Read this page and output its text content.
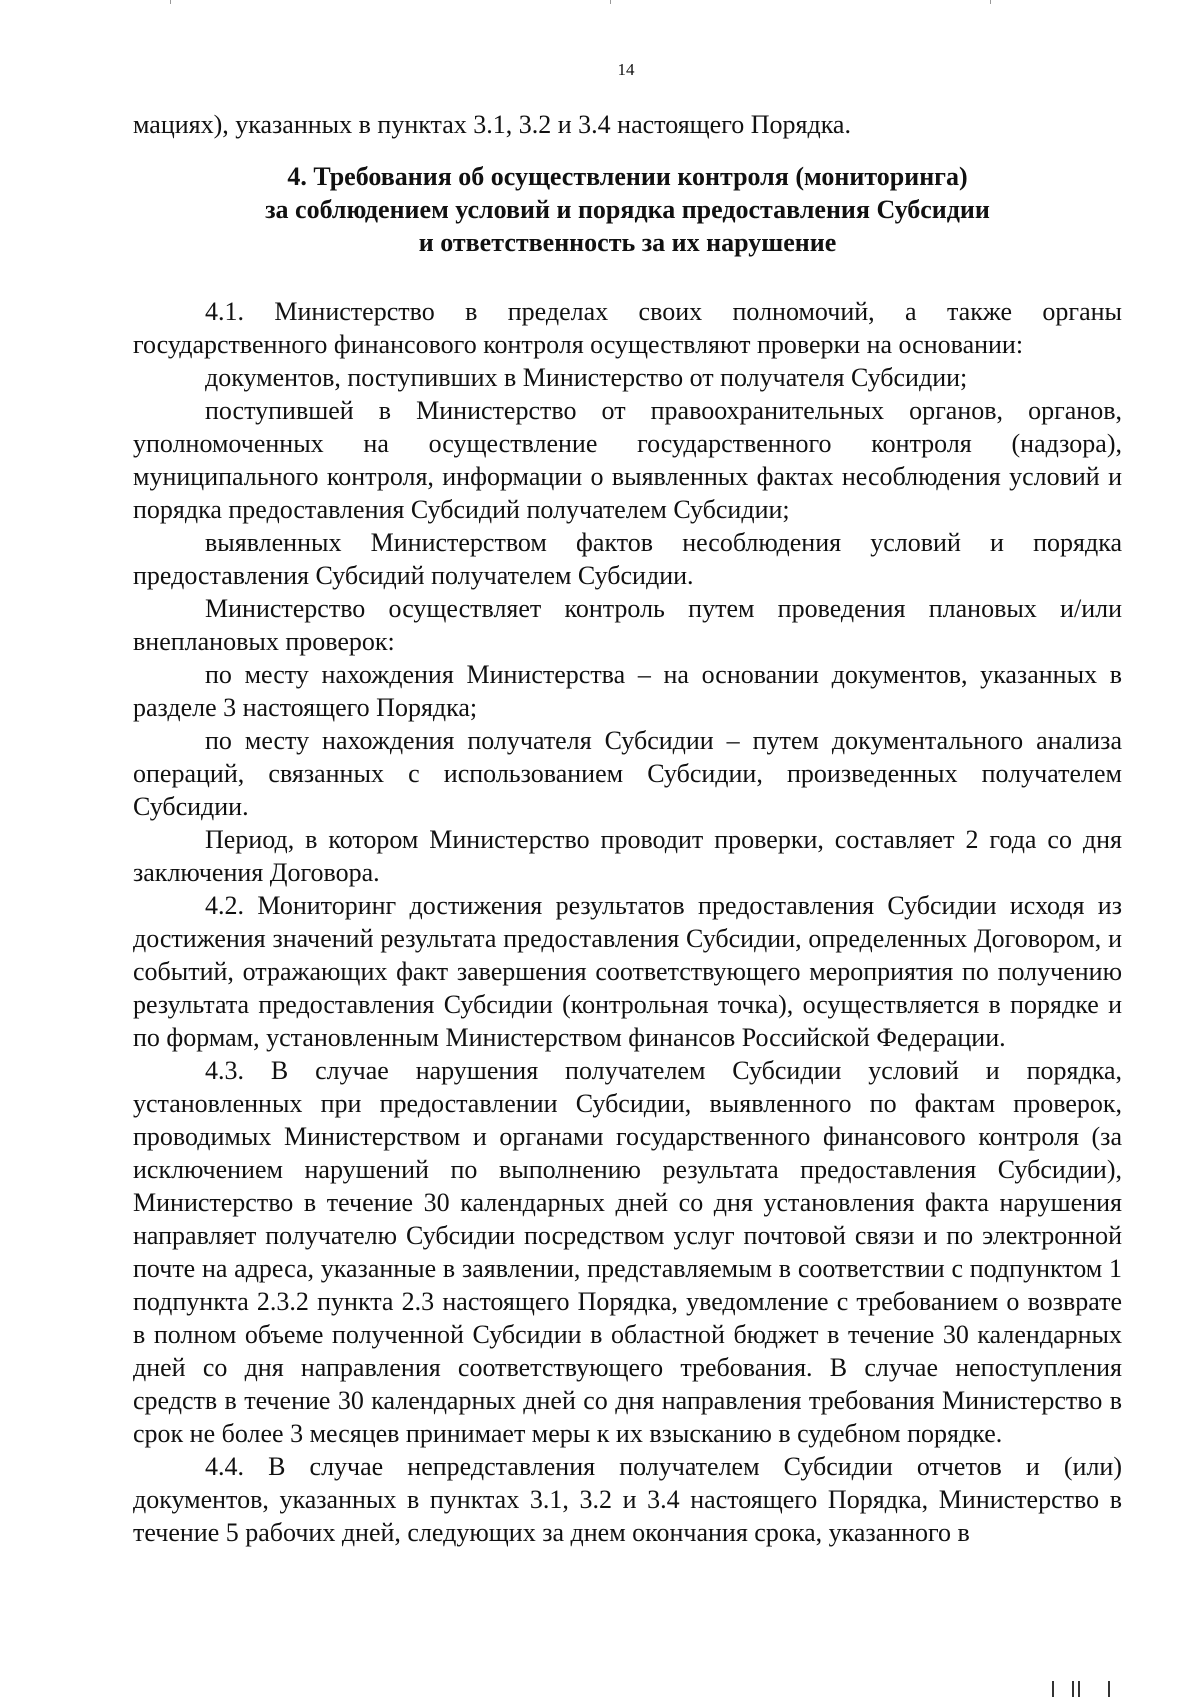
14
мациях), указанных в пунктах 3.1, 3.2 и 3.4 настоящего Порядка.
4. Требования об осуществлении контроля (мониторинга)
за соблюдением условий и порядка предоставления Субсидии
и ответственность за их нарушение

4.1. Министерство в пределах своих полномочий, а также органы государственного финансового контроля осуществляют проверки на основании:

документов, поступивших в Министерство от получателя Субсидии;

поступившей в Министерство от правоохранительных органов, органов, уполномоченных на осуществление государственного контроля (надзора), муниципального контроля, информации о выявленных фактах несоблюдения условий и порядка предоставления Субсидий получателем Субсидии;

выявленных Министерством фактов несоблюдения условий и порядка предоставления Субсидий получателем Субсидии.

Министерство осуществляет контроль путем проведения плановых и/или внеплановых проверок:

по месту нахождения Министерства – на основании документов, указанных в разделе 3 настоящего Порядка;

по месту нахождения получателя Субсидии – путем документального анализа операций, связанных с использованием Субсидии, произведенных получателем Субсидии.

Период, в котором Министерство проводит проверки, составляет 2 года со дня заключения Договора.

4.2. Мониторинг достижения результатов предоставления Субсидии исходя из достижения значений результата предоставления Субсидии, определенных Договором, и событий, отражающих факт завершения соответствующего мероприятия по получению результата предоставления Субсидии (контрольная точка), осуществляется в порядке и по формам, установленным Министерством финансов Российской Федерации.

4.3. В случае нарушения получателем Субсидии условий и порядка, установленных при предоставлении Субсидии, выявленного по фактам проверок, проводимых Министерством и органами государственного финансового контроля (за исключением нарушений по выполнению результата предоставления Субсидии), Министерство в течение 30 календарных дней со дня установления факта нарушения направляет получателю Субсидии посредством услуг почтовой связи и по электронной почте на адреса, указанные в заявлении, представляемым в соответствии с подпунктом 1 подпункта 2.3.2 пункта 2.3 настоящего Порядка, уведомление с требованием о возврате в полном объеме полученной Субсидии в областной бюджет в течение 30 календарных дней со дня направления соответствующего требования. В случае непоступления средств в течение 30 календарных дней со дня направления требования Министерство в срок не более 3 месяцев принимает меры к их взысканию в судебном порядке.

4.4. В случае непредставления получателем Субсидии отчетов и (или) документов, указанных в пунктах 3.1, 3.2 и 3.4 настоящего Порядка, Министерство в течение 5 рабочих дней, следующих за днем окончания срока, указанного в
